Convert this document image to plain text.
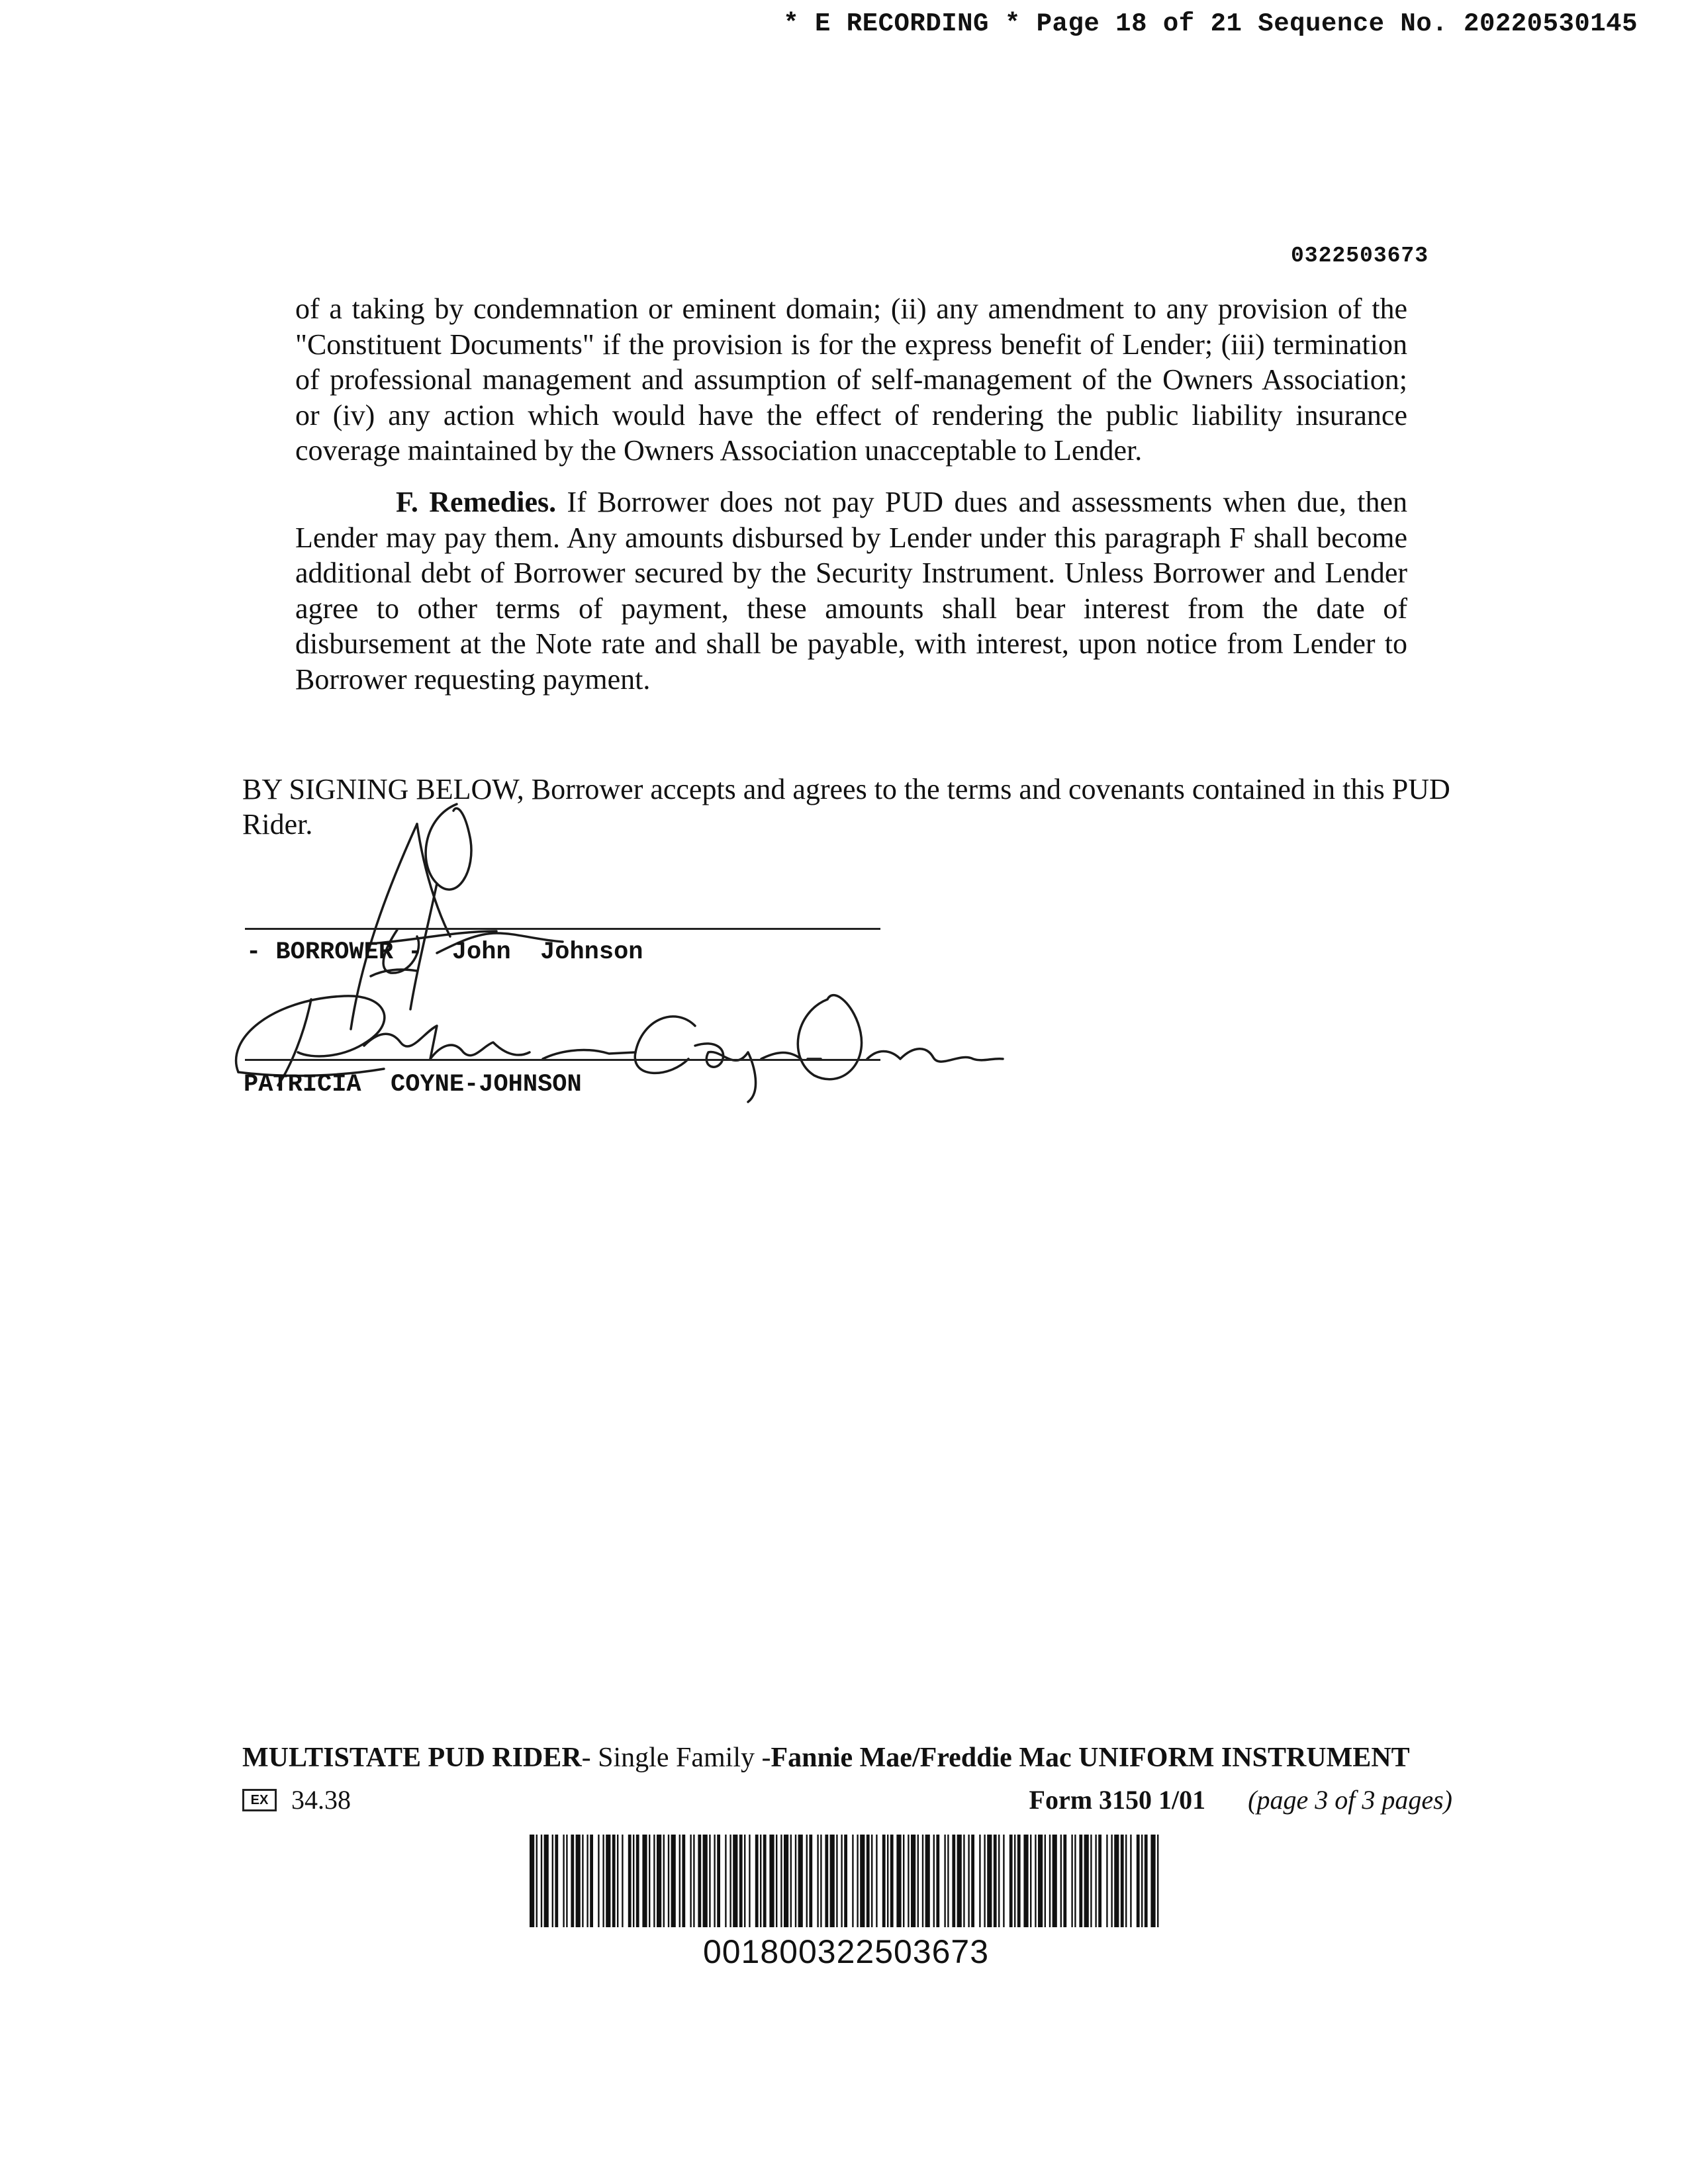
* E RECORDING * Page 18 of 21 Sequence No. 20220530145
0322503673

of a taking by condemnation or eminent domain; (ii) any amendment to any provision of the "Constituent Documents" if the provision is for the express benefit of Lender; (iii) termination of professional management and assumption of self-management of the Owners Association; or (iv) any action which would have the effect of rendering the public liability insurance coverage maintained by the Owners Association unacceptable to Lender.

F. Remedies. If Borrower does not pay PUD dues and assessments when due, then Lender may pay them. Any amounts disbursed by Lender under this paragraph F shall become additional debt of Borrower secured by the Security Instrument. Unless Borrower and Lender agree to other terms of payment, these amounts shall bear interest from the date of disbursement at the Note rate and shall be payable, with interest, upon notice from Lender to Borrower requesting payment.

BY SIGNING BELOW, Borrower accepts and agrees to the terms and covenants contained in this PUD Rider.

- BORROWER -  John  Johnson
PATRICIA  COYNE-JOHNSON
MULTISTATE PUD RIDER- Single Family -Fannie Mae/Freddie Mac UNIFORM INSTRUMENT
EX 34.38	Form 3150 1/01 (page 3 of 3 pages)
001800322503673
